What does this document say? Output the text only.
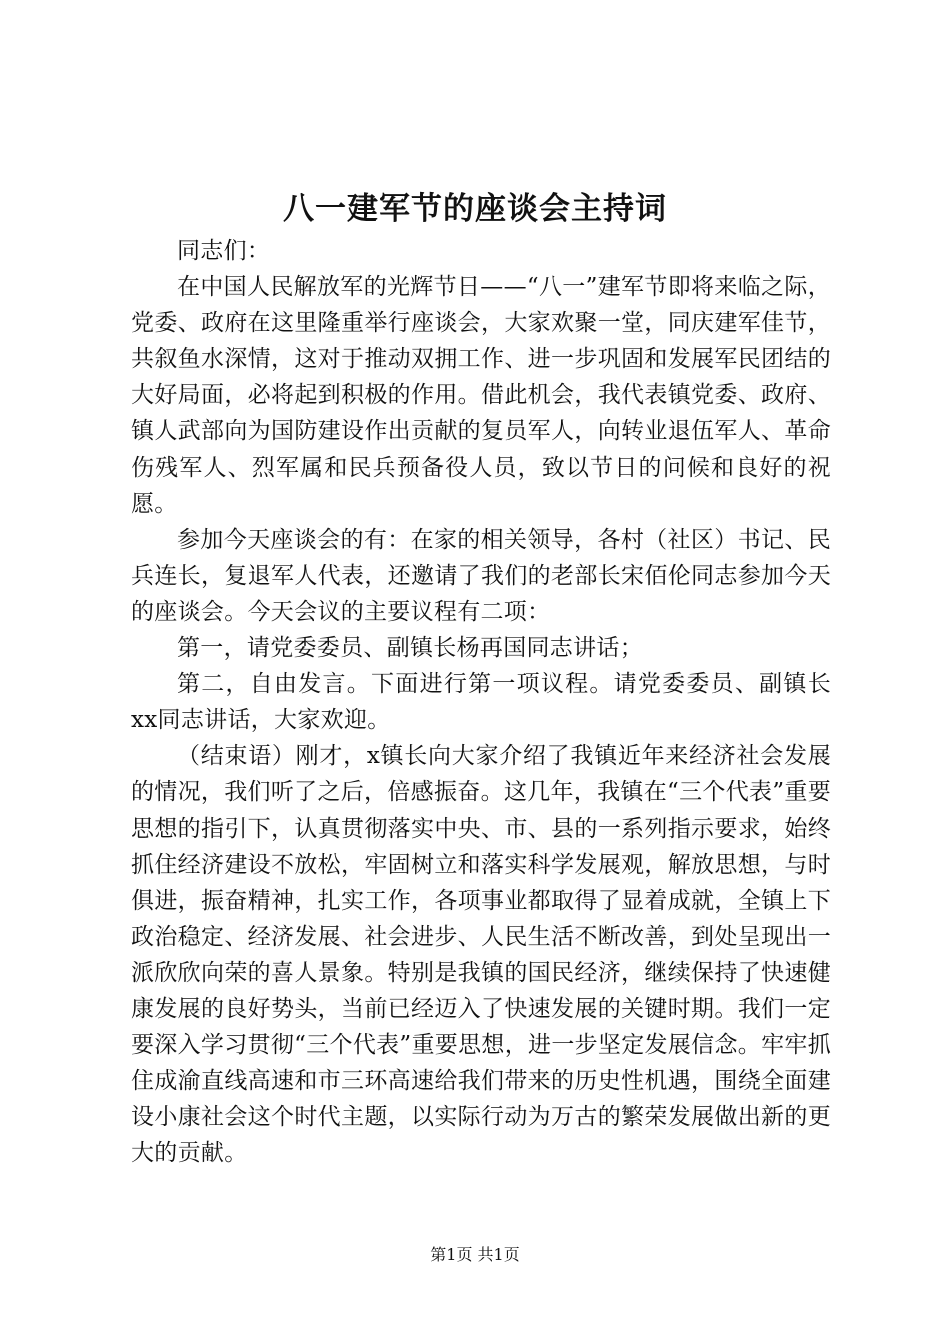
八一建军节的座谈会主持词

同志们：

在中国人民解放军的光辉节日——“八一”建军节即将来临之际，党委、政府在这里隆重举行座谈会，大家欢聚一堂，同庆建军佳节，共叙鱼水深情，这对于推动双拥工作、进一步巩固和发展军民团结的大好局面，必将起到积极的作用。借此机会，我代表镇党委、政府、镇人武部向为国防建设作出贡献的复员军人，向转业退伍军人、革命伤残军人、烈军属和民兵预备役人员，致以节日的问候和良好的祝愿。

参加今天座谈会的有：在家的相关领导，各村（社区）书记、民兵连长，复退军人代表，还邀请了我们的老部长宋佰伦同志参加今天的座谈会。今天会议的主要议程有二项：

第一，请党委委员、副镇长杨再国同志讲话；

第二，自由发言。下面进行第一项议程。请党委委员、副镇长xx同志讲话，大家欢迎。

（结束语）刚才，x镇长向大家介绍了我镇近年来经济社会发展的情况，我们听了之后，倍感振奋。这几年，我镇在“三个代表”重要思想的指引下，认真贯彻落实中央、市、县的一系列指示要求，始终抓住经济建设不放松，牢固树立和落实科学发展观，解放思想，与时俱进，振奋精神，扎实工作，各项事业都取得了显着成就，全镇上下政治稳定、经济发展、社会进步、人民生活不断改善，到处呈现出一派欣欣向荣的喜人景象。特别是我镇的国民经济，继续保持了快速健康发展的良好势头，当前已经迈入了快速发展的关键时期。我们一定要深入学习贯彻“三个代表”重要思想，进一步坚定发展信念。牢牢抓住成渝直线高速和市三环高速给我们带来的历史性机遇，围绕全面建设小康社会这个时代主题，以实际行动为万古的繁荣发展做出新的更大的贡献。

第1页 共1页
